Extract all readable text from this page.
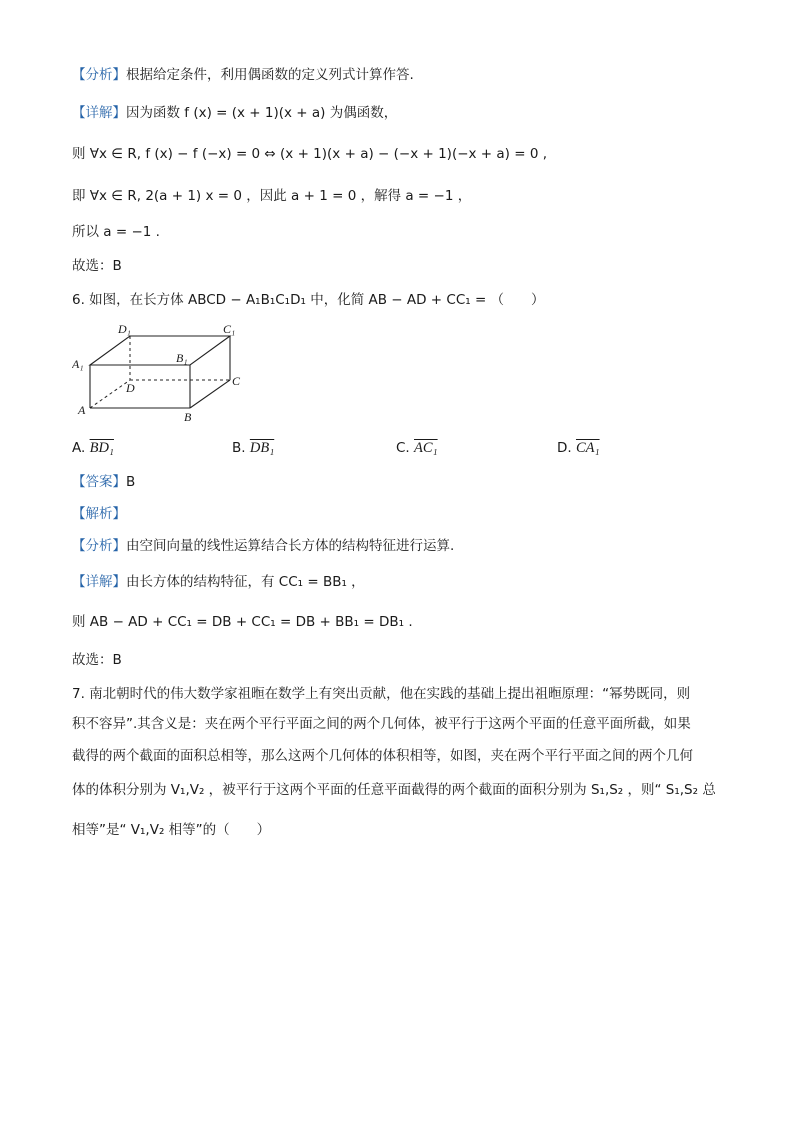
【分析】根据给定条件，利用偶函数的定义列式计算作答.
【详解】因为函数 f (x) = (x + 1)(x + a) 为偶函数，
则 ∀x ∈ R, f (x) − f (−x) = 0 ⇔ (x + 1)(x + a) − (−x + 1)(−x + a) = 0 ,
即 ∀x ∈ R, 2(a + 1) x = 0 ，因此 a + 1 = 0 ，解得 a = −1 ，
所以 a = −1 .
故选：B
6. 如图，在长方体 ABCD − A₁B₁C₁D₁ 中，化简 AB − AD + CC₁ = （　　）
D₁	C₁
A₁	B₁
D	C
A	B
A. BD₁	B. DB₁	C. AC₁	D. CA₁
【答案】B
【解析】
【分析】由空间向量的线性运算结合长方体的结构特征进行运算.
【详解】由长方体的结构特征，有 CC₁ = BB₁ ，
则 AB − AD + CC₁ = DB + CC₁ = DB + BB₁ = DB₁ .
故选：B
7. 南北朝时代的伟大数学家祖暅在数学上有突出贡献，他在实践的基础上提出祖暅原理：“幂势既同，则
积不容异”.其含义是：夹在两个平行平面之间的两个几何体，被平行于这两个平面的任意平面所截，如果
截得的两个截面的面积总相等，那么这两个几何体的体积相等，如图，夹在两个平行平面之间的两个几何
体的体积分别为 V₁,V₂ ，被平行于这两个平面的任意平面截得的两个截面的面积分别为 S₁,S₂ ，则“ S₁,S₂ 总
相等”是“ V₁,V₂ 相等”的（　　）
